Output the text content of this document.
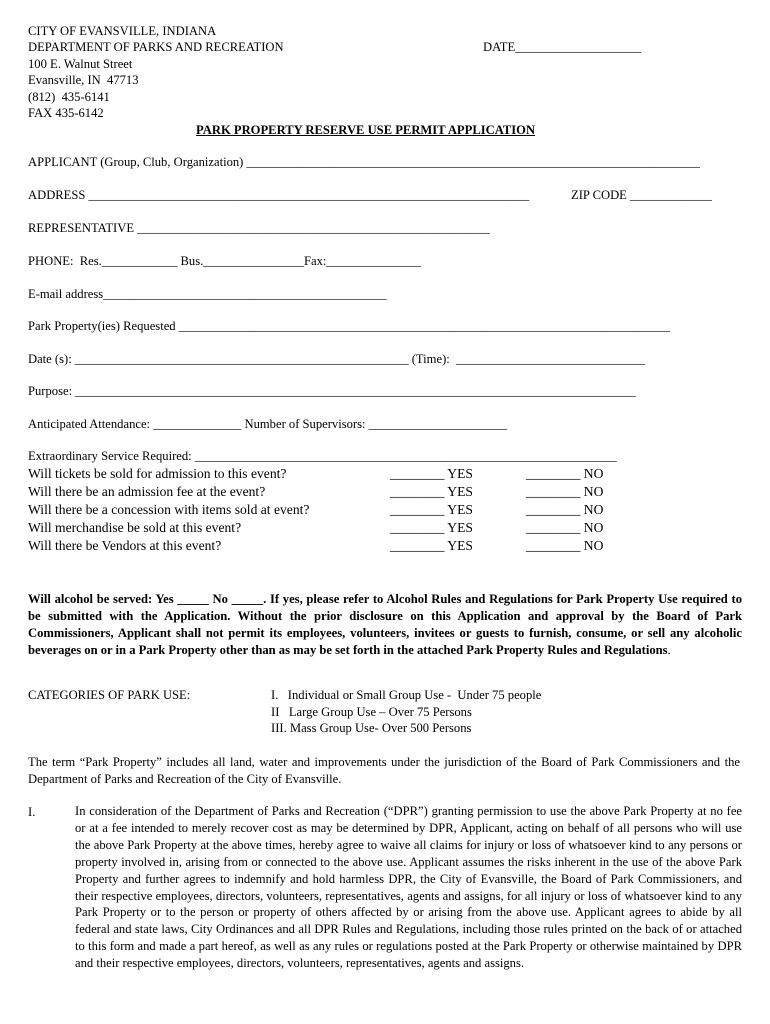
CITY OF EVANSVILLE, INDIANA
DEPARTMENT OF PARKS AND RECREATION	DATE____________________
100 E. Walnut Street
Evansville, IN  47713
(812)  435-6141
FAX 435-6142
PARK PROPERTY RESERVE USE PERMIT APPLICATION
APPLICANT (Group, Club, Organization) ________________________________________________________________________
ADDRESS ______________________________________________________________________	ZIP CODE _____________
REPRESENTATIVE ________________________________________________________
PHONE:  Res.____________ Bus.________________Fax:_______________
E-mail address_____________________________________________
Park Property(ies) Requested ______________________________________________________________________________
Date (s): _____________________________________________________ (Time):  ______________________________
Purpose: _________________________________________________________________________________________
Anticipated Attendance: ______________ Number of Supervisors: ______________________
Extraordinary Service Required: ___________________________________________________________________
Will tickets be sold for admission to this event?	________ YES	________ NO
Will there be an admission fee at the event?	________ YES	________ NO
Will there be a concession with items sold at event?	________ YES	________ NO
Will merchandise be sold at this event?	________ YES	________ NO
Will there be Vendors at this event?	________ YES	________ NO
Will alcohol be served: Yes _____ No _____. If yes, please refer to Alcohol Rules and Regulations for Park Property Use required to be submitted with the Application. Without the prior disclosure on this Application and approval by the Board of Park Commissioners, Applicant shall not permit its employees, volunteers, invitees or guests to furnish, consume, or sell any alcoholic beverages on or in a Park Property other than as may be set forth in the attached Park Property Rules and Regulations.
CATEGORIES OF PARK USE:	I.   Individual or Small Group Use -  Under 75 people
II   Large Group Use – Over 75 Persons
III. Mass Group Use- Over 500 Persons
The term “Park Property” includes all land, water and improvements under the jurisdiction of the Board of Park Commissioners and the Department of Parks and Recreation of the City of Evansville.
I.	In consideration of the Department of Parks and Recreation (“DPR”) granting permission to use the above Park Property at no fee or at a fee intended to merely recover cost as may be determined by DPR, Applicant, acting on behalf of all persons who will use the above Park Property at the above times, hereby agree to waive all claims for injury or loss of whatsoever kind to any persons or property involved in, arising from or connected to the above use. Applicant assumes the risks inherent in the use of the above Park Property and further agrees to indemnify and hold harmless DPR, the City of Evansville, the Board of Park Commissioners, and their respective employees, directors, volunteers, representatives, agents and assigns, for all injury or loss of whatsoever kind to any Park Property or to the person or property of others affected by or arising from the above use. Applicant agrees to abide by all federal and state laws, City Ordinances and all DPR Rules and Regulations, including those rules printed on the back of or attached to this form and made a part hereof, as well as any rules or regulations posted at the Park Property or otherwise maintained by DPR and their respective employees, directors, volunteers, representatives, agents and assigns.
